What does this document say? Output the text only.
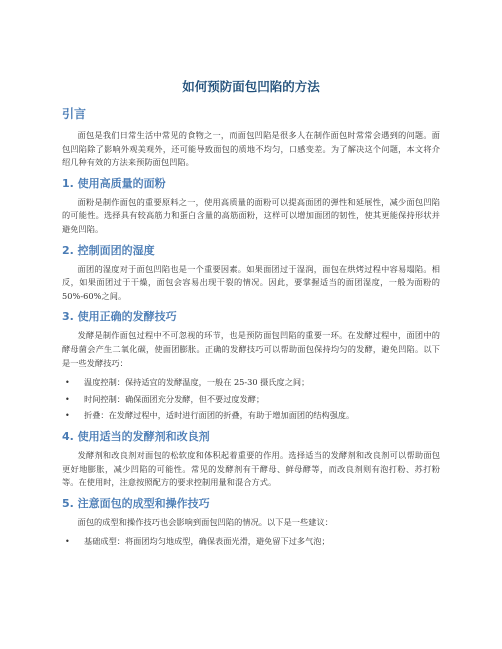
如何预防面包凹陷的方法
引言

面包是我们日常生活中常见的食物之一，而面包凹陷是很多人在制作面包时常常会遇到的问题。面包凹陷除了影响外观美观外，还可能导致面包的质地不均匀，口感变差。为了解决这个问题，本文将介绍几种有效的方法来预防面包凹陷。

1. 使用高质量的面粉

面粉是制作面包的重要原料之一，使用高质量的面粉可以提高面团的弹性和延展性，减少面包凹陷的可能性。选择具有较高筋力和蛋白含量的高筋面粉，这样可以增加面团的韧性，使其更能保持形状并避免凹陷。

2. 控制面团的湿度

面团的湿度对于面包凹陷也是一个重要因素。如果面团过于湿润，面包在烘烤过程中容易塌陷。相反，如果面团过于干燥，面包会容易出现干裂的情况。因此，要掌握适当的面团湿度，一般为面粉的 50%-60%之间。

3. 使用正确的发酵技巧

发酵是制作面包过程中不可忽视的环节，也是预防面包凹陷的重要一环。在发酵过程中，面团中的酵母菌会产生二氧化碳，使面团膨胀。正确的发酵技巧可以帮助面包保持均匀的发酵，避免凹陷。以下是一些发酵技巧：

• 温度控制：保持适宜的发酵温度，一般在 25-30 摄氏度之间；
• 时间控制：确保面团充分发酵，但不要过度发酵；
• 折叠：在发酵过程中，适时进行面团的折叠，有助于增加面团的结构强度。
4. 使用适当的发酵剂和改良剂

发酵剂和改良剂对面包的松软度和体积起着重要的作用。选择适当的发酵剂和改良剂可以帮助面包更好地膨胀，减少凹陷的可能性。常见的发酵剂有干酵母、鲜母酵等，而改良剂则有泡打粉、苏打粉等。在使用时，注意按照配方的要求控制用量和混合方式。

5. 注意面包的成型和操作技巧

面包的成型和操作技巧也会影响到面包凹陷的情况。以下是一些建议：

• 基础成型：将面团均匀地成型，确保表面光滑，避免留下过多气泡；
